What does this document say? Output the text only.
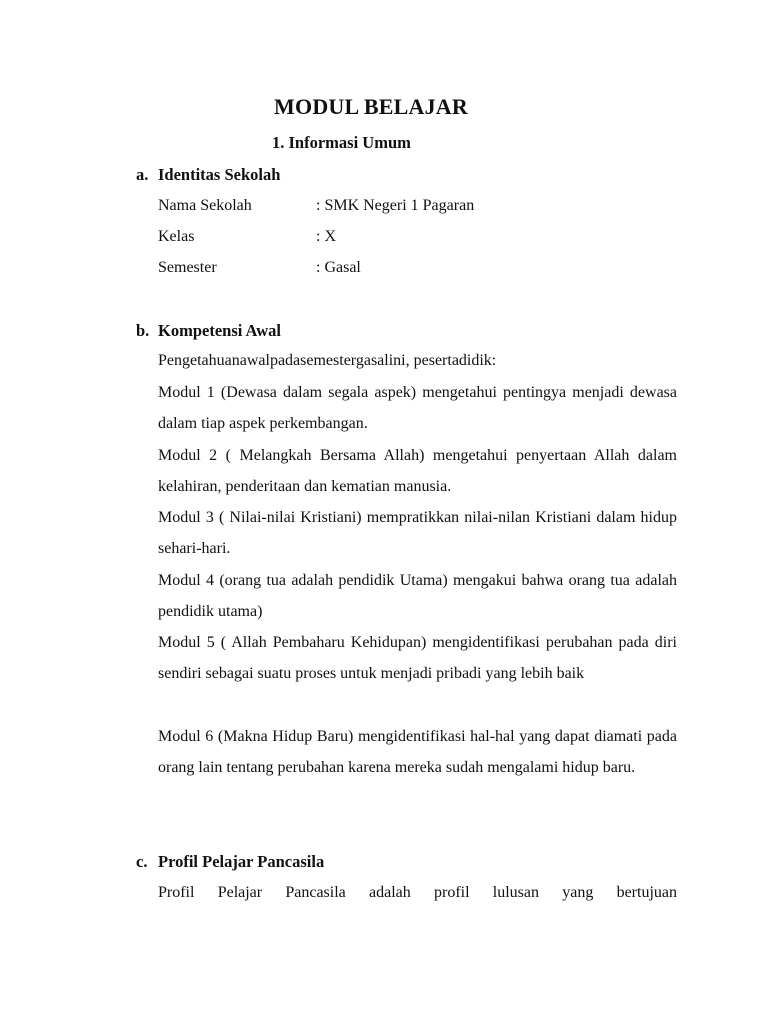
MODUL BELAJAR
1. Informasi Umum
a. Identitas Sekolah
Nama Sekolah	: SMK Negeri 1 Pagaran
Kelas	: X
Semester	: Gasal
b. Kompetensi Awal
Pengetahuanawalpadasemestergasalini, pesertadidik:
Modul 1 (Dewasa dalam segala aspek) mengetahui pentingya menjadi dewasa dalam tiap aspek perkembangan.
Modul 2 ( Melangkah Bersama Allah) mengetahui penyertaan Allah dalam kelahiran, penderitaan dan kematian manusia.
Modul 3 ( Nilai-nilai Kristiani) mempratikkan nilai-nilan Kristiani dalam hidup sehari-hari.
Modul 4 (orang tua adalah pendidik Utama) mengakui bahwa orang tua adalah pendidik utama)
Modul 5 ( Allah Pembaharu Kehidupan) mengidentifikasi perubahan pada diri sendiri sebagai suatu proses untuk menjadi pribadi yang lebih baik
Modul 6 (Makna Hidup Baru) mengidentifikasi hal-hal yang dapat diamati pada orang lain tentang perubahan karena mereka sudah mengalami hidup baru.
c. Profil Pelajar Pancasila
Profil Pelajar Pancasila adalah profil lulusan yang bertujuan
